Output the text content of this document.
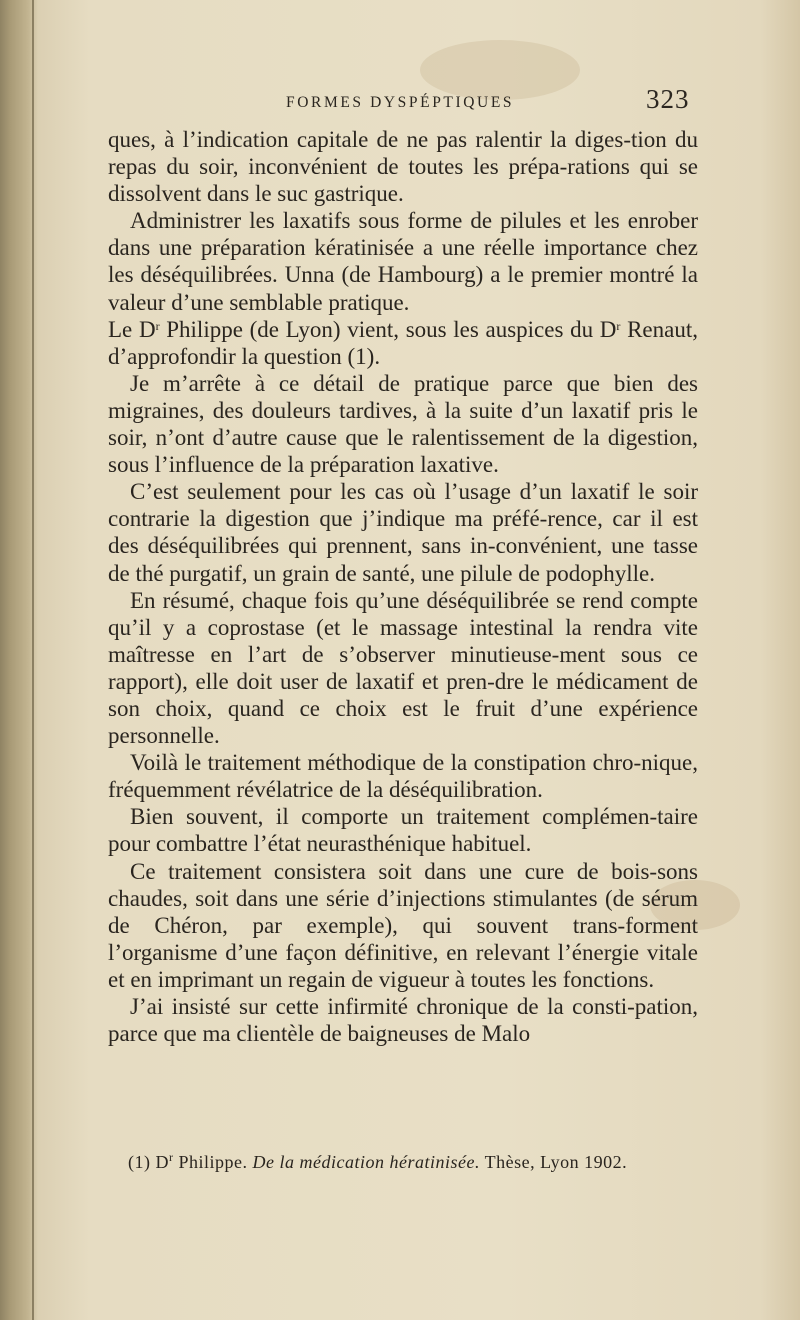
FORMES DYSPÉPTIQUES	323

ques, à l’indication capitale de ne pas ralentir la diges-tion du repas du soir, inconvénient de toutes les prépa-rations qui se dissolvent dans le suc gastrique.

Administrer les laxatifs sous forme de pilules et les enrober dans une préparation kératinisée a une réelle importance chez les déséquilibrées. Unna (de Hambourg) a le premier montré la valeur d’une semblable pratique.

Le $D^r$ Philippe (de Lyon) vient, sous les auspices du $D^r$ Renaut, d’approfondir la question (1).

Je m’arrête à ce détail de pratique parce que bien des migraines, des douleurs tardives, à la suite d’un laxatif pris le soir, n’ont d’autre cause que le ralentissement de la digestion, sous l’influence de la préparation laxative.

C’est seulement pour les cas où l’usage d’un laxatif le soir contrarie la digestion que j’indique ma préfé-rence, car il est des déséquilibrées qui prennent, sans in-convénient, une tasse de thé purgatif, un grain de santé, une pilule de podophylle.

En résumé, chaque fois qu’une déséquilibrée se rend compte qu’il y a coprostase (et le massage intestinal la rendra vite maîtresse en l’art de s’observer minutieuse-ment sous ce rapport), elle doit user de laxatif et pren-dre le médicament de son choix, quand ce choix est le fruit d’une expérience personnelle.

Voilà le traitement méthodique de la constipation chro-nique, fréquemment révélatrice de la déséquilibration.

Bien souvent, il comporte un traitement complémen-taire pour combattre l’état neurasthénique habituel.

Ce traitement consistera soit dans une cure de bois-sons chaudes, soit dans une série d’injections stimulantes (de sérum de Chéron, par exemple), qui souvent trans-forment l’organisme d’une façon définitive, en relevant l’énergie vitale et en imprimant un regain de vigueur à toutes les fonctions.

J’ai insisté sur cette infirmité chronique de la consti-pation, parce que ma clientèle de baigneuses de Malo

(1) $D^r$ Philippe. De la médication hératinisée. Thèse, Lyon 1902.
